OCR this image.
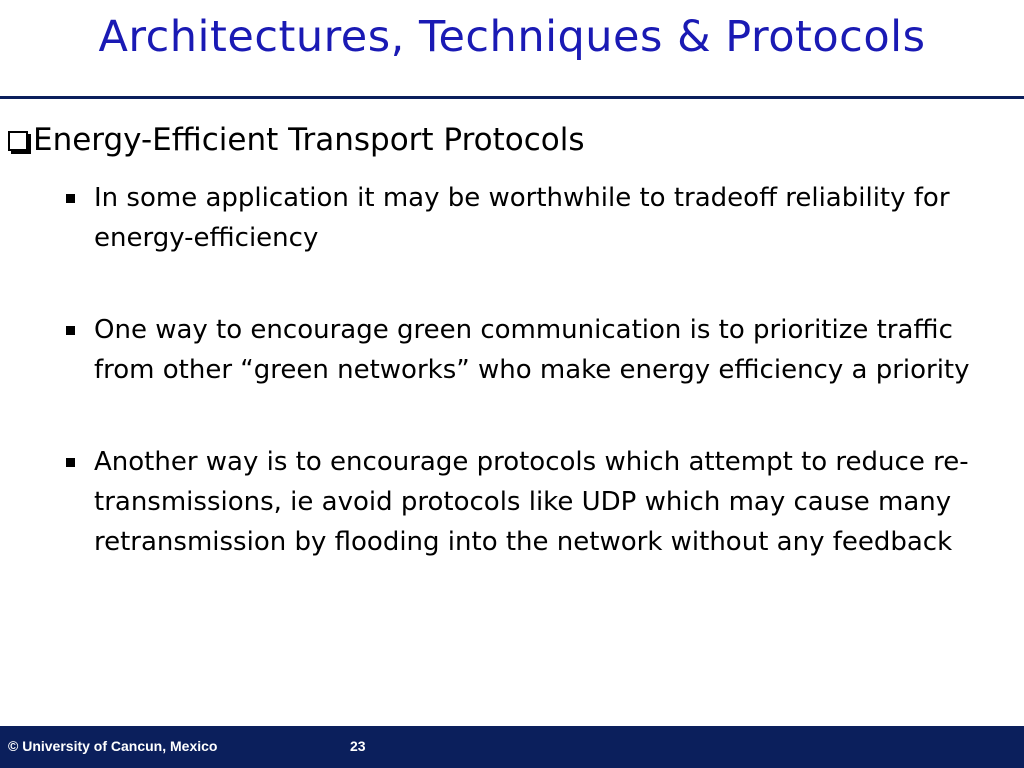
Architectures, Techniques & Protocols
Energy-Efficient Transport Protocols
In some application it may be worthwhile to tradeoff reliability for energy-efficiency
One way to encourage green communication is to prioritize traffic from other “green networks” who make energy efficiency a priority
Another way is to encourage protocols which attempt to reduce re-transmissions, ie avoid protocols like UDP which may cause many retransmission by flooding into the network without any feedback
© University of Cancun, Mexico	23
